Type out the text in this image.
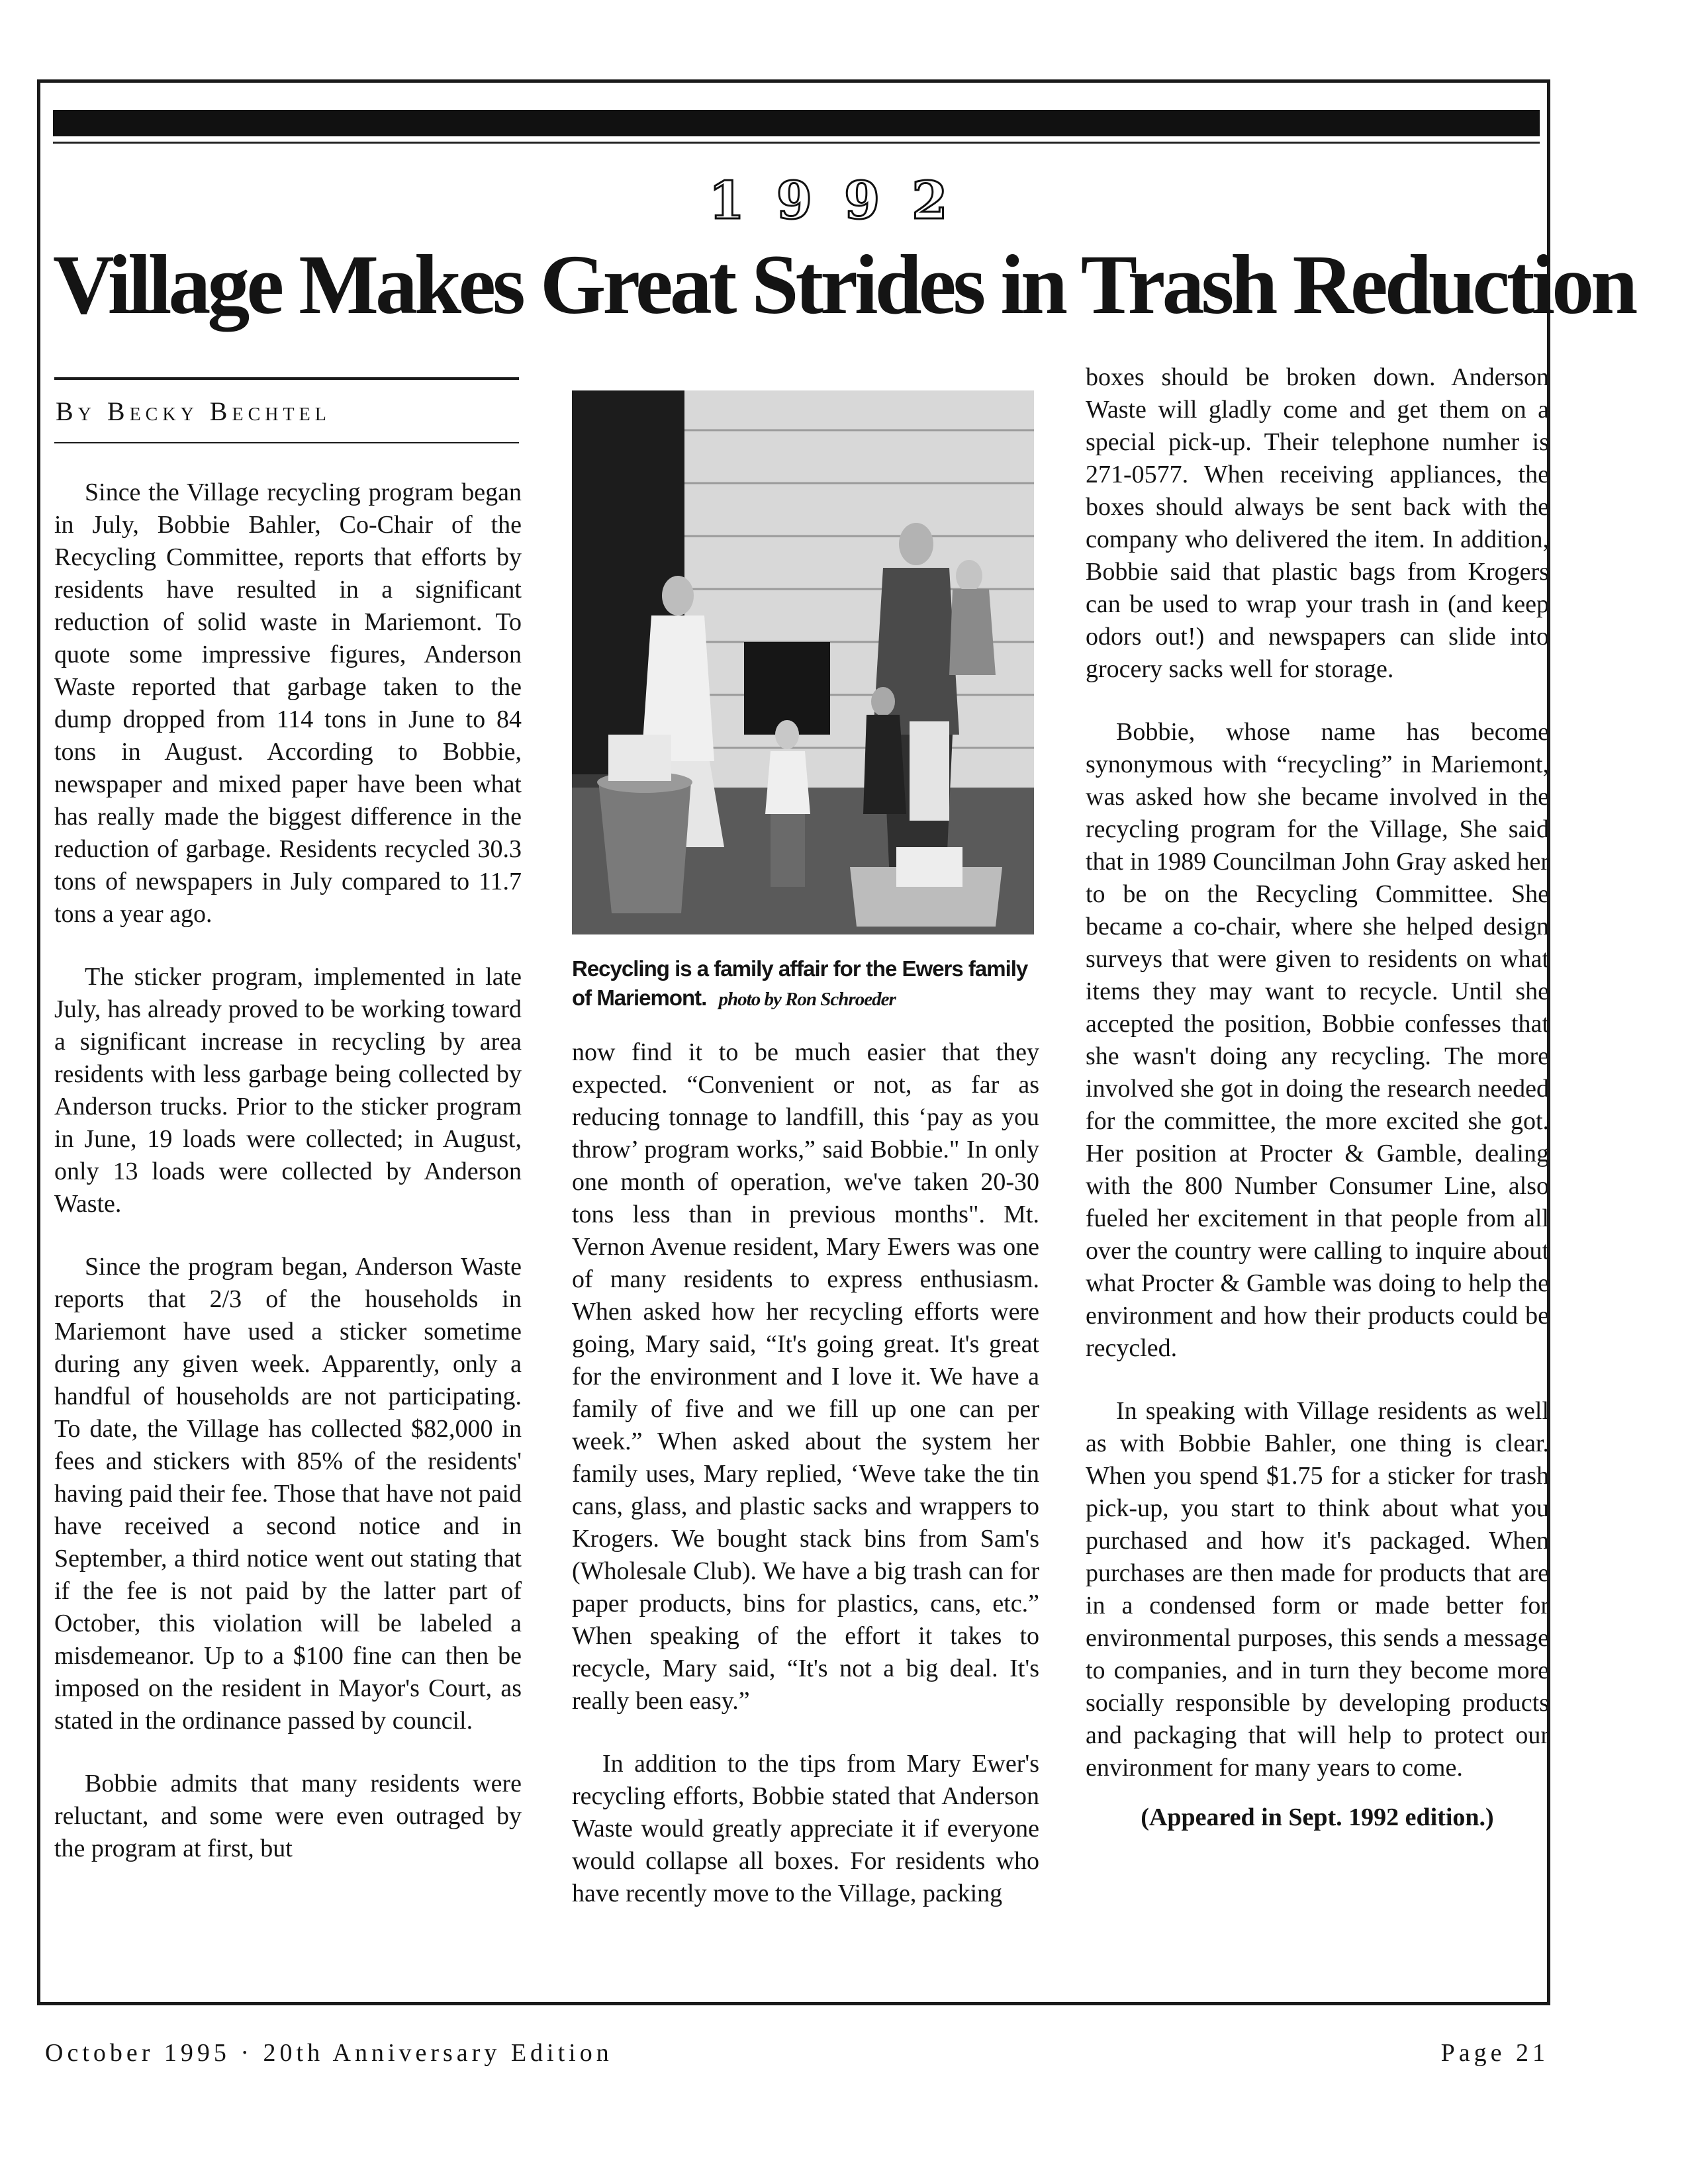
1992
Village Makes Great Strides in Trash Reduction
By Becky Bechtel

Since the Village recycling program began in July, Bobbie Bahler, Co-Chair of the Recycling Committee, reports that efforts by residents have resulted in a significant reduction of solid waste in Mariemont. To quote some impressive figures, Anderson Waste reported that garbage taken to the dump dropped from 114 tons in June to 84 tons in August. According to Bobbie, newspaper and mixed paper have been what has really made the biggest difference in the reduction of garbage. Residents recycled 30.3 tons of newspapers in July compared to 11.7 tons a year ago.

The sticker program, implemented in late July, has already proved to be working toward a significant increase in recycling by area residents with less garbage being collected by Anderson trucks. Prior to the sticker program in June, 19 loads were collected; in August, only 13 loads were collected by Anderson Waste.

Since the program began, Anderson Waste reports that 2/3 of the households in Mariemont have used a sticker sometime during any given week. Apparently, only a handful of households are not participating. To date, the Village has collected $82,000 in fees and stickers with 85% of the residents' having paid their fee. Those that have not paid have received a second notice and in September, a third notice went out stating that if the fee is not paid by the latter part of October, this violation will be labeled a misdemeanor. Up to a $100 fine can then be imposed on the resident in Mayor's Court, as stated in the ordinance passed by council.

Bobbie admits that many residents were reluctant, and some were even outraged by the program at first, but

Recycling is a family affair for the Ewers family of Mariemont. photo by Ron Schroeder

now find it to be much easier that they expected. “Convenient or not, as far as reducing tonnage to landfill, this ‘pay as you throw’ program works,” said Bobbie." In only one month of operation, we've taken 20-30 tons less than in previous months". Mt. Vernon Avenue resident, Mary Ewers was one of many residents to express enthusiasm. When asked how her recycling efforts were going, Mary said, “It's going great. It's great for the environment and I love it. We have a family of five and we fill up one can per week.” When asked about the system her family uses, Mary replied, ‘Weve take the tin cans, glass, and plastic sacks and wrappers to Krogers. We bought stack bins from Sam's (Wholesale Club). We have a big trash can for paper products, bins for plastics, cans, etc.” When speaking of the effort it takes to recycle, Mary said, “It's not a big deal. It's really been easy.”

In addition to the tips from Mary Ewer's recycling efforts, Bobbie stated that Anderson Waste would greatly appreciate it if everyone would collapse all boxes. For residents who have recently move to the Village, packing

boxes should be broken down. Anderson Waste will gladly come and get them on a special pick-up. Their telephone numher is 271-0577. When receiving appliances, the boxes should always be sent back with the company who delivered the item. In addition, Bobbie said that plastic bags from Krogers can be used to wrap your trash in (and keep odors out!) and newspapers can slide into grocery sacks well for storage.

Bobbie, whose name has become synonymous with “recycling” in Mariemont, was asked how she became involved in the recycling program for the Village, She said that in 1989 Councilman John Gray asked her to be on the Recycling Committee. She became a co-chair, where she helped design surveys that were given to residents on what items they may want to recycle. Until she accepted the position, Bobbie confesses that she wasn't doing any recycling. The more involved she got in doing the research needed for the committee, the more excited she got. Her position at Procter & Gamble, dealing with the 800 Number Consumer Line, also fueled her excitement in that people from all over the country were calling to inquire about what Procter & Gamble was doing to help the environment and how their products could be recycled.

In speaking with Village residents as well as with Bobbie Bahler, one thing is clear. When you spend $1.75 for a sticker for trash pick-up, you start to think about what you purchased and how it's packaged. When purchases are then made for products that are in a condensed form or made better for environmental purposes, this sends a message to companies, and in turn they become more socially responsible by developing products and packaging that will help to protect our environment for many years to come.

(Appeared in Sept. 1992 edition.)
October 1995 · 20th Anniversary Edition	Page 21
